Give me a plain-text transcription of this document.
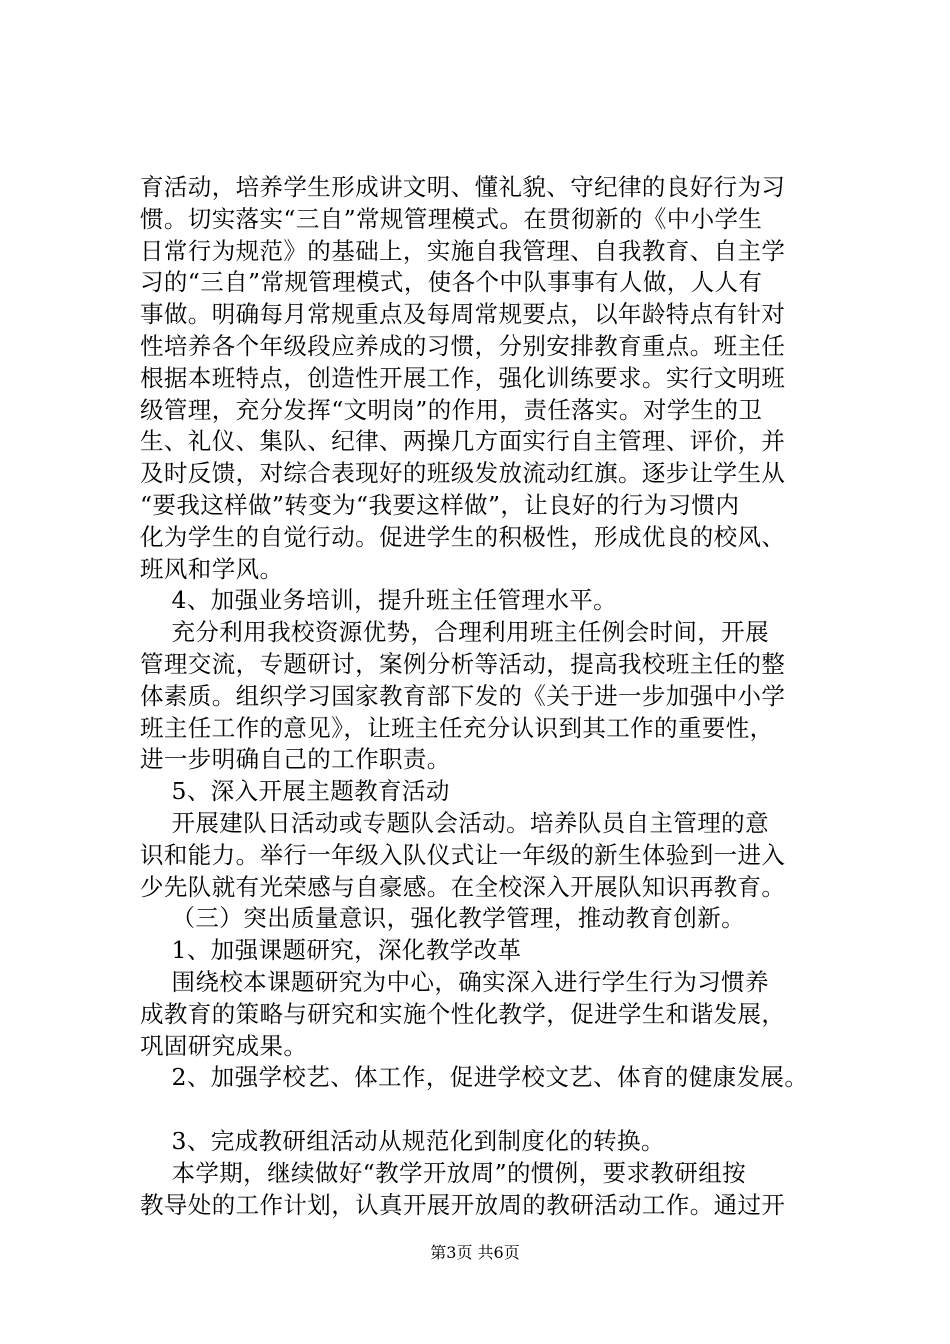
育活动，培养学生形成讲文明、懂礼貌、守纪律的良好行为习
惯。切实落实“三自”常规管理模式。在贯彻新的《中小学生
日常行为规范》的基础上，实施自我管理、自我教育、自主学
习的“三自”常规管理模式，使各个中队事事有人做，人人有
事做。明确每月常规重点及每周常规要点，以年龄特点有针对
性培养各个年级段应养成的习惯，分别安排教育重点。班主任
根据本班特点，创造性开展工作，强化训练要求。实行文明班
级管理，充分发挥“文明岗”的作用，责任落实。对学生的卫
生、礼仪、集队、纪律、两操几方面实行自主管理、评价，并
及时反馈，对综合表现好的班级发放流动红旗。逐步让学生从
“要我这样做”转变为“我要这样做”，让良好的行为习惯内
化为学生的自觉行动。促进学生的积极性，形成优良的校风、
班风和学风。
4、加强业务培训，提升班主任管理水平。
充分利用我校资源优势，合理利用班主任例会时间，开展
管理交流，专题研讨，案例分析等活动，提高我校班主任的整
体素质。组织学习国家教育部下发的《关于进一步加强中小学
班主任工作的意见》，让班主任充分认识到其工作的重要性，
进一步明确自己的工作职责。
5、深入开展主题教育活动
开展建队日活动或专题队会活动。培养队员自主管理的意
识和能力。举行一年级入队仪式让一年级的新生体验到一进入
少先队就有光荣感与自豪感。在全校深入开展队知识再教育。
（三）突出质量意识，强化教学管理，推动教育创新。
1、加强课题研究，深化教学改革
围绕校本课题研究为中心，确实深入进行学生行为习惯养
成教育的策略与研究和实施个性化教学，促进学生和谐发展，
巩固研究成果。
2、加强学校艺、体工作，促进学校文艺、体育的健康发展。
3、完成教研组活动从规范化到制度化的转换。
本学期，继续做好“教学开放周”的惯例，要求教研组按
教导处的工作计划，认真开展开放周的教研活动工作。通过开
第3页 共6页
